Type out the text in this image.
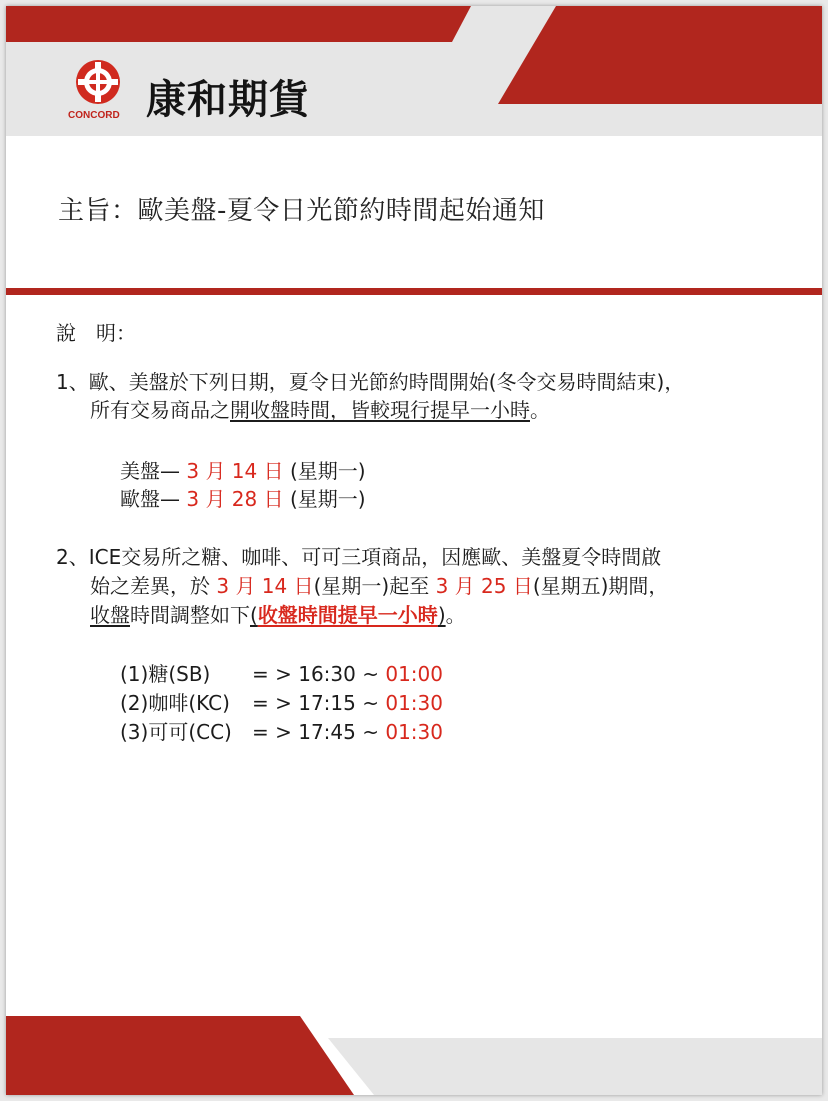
康和期貨
CONCORD
主旨：歐美盤-夏令日光節約時間起始通知
說　明：
1、歐、美盤於下列日期，夏令日光節約時間開始(冬令交易時間結束)，
所有交易商品之開收盤時間，皆較現行提早一小時。
美盤— 3 月 14 日 (星期一)
歐盤— 3 月 28 日 (星期一)
2、ICE交易所之糖、咖啡、可可三項商品，因應歐、美盤夏令時間啟
始之差異，於 3 月 14 日(星期一)起至 3 月 25 日(星期五)期間，
收盤時間調整如下(收盤時間提早一小時)。
(1)糖(SB) = > 16:30 ~ 01:00
(2)咖啡(KC) = > 17:15 ~ 01:30
(3)可可(CC) = > 17:45 ~ 01:30
